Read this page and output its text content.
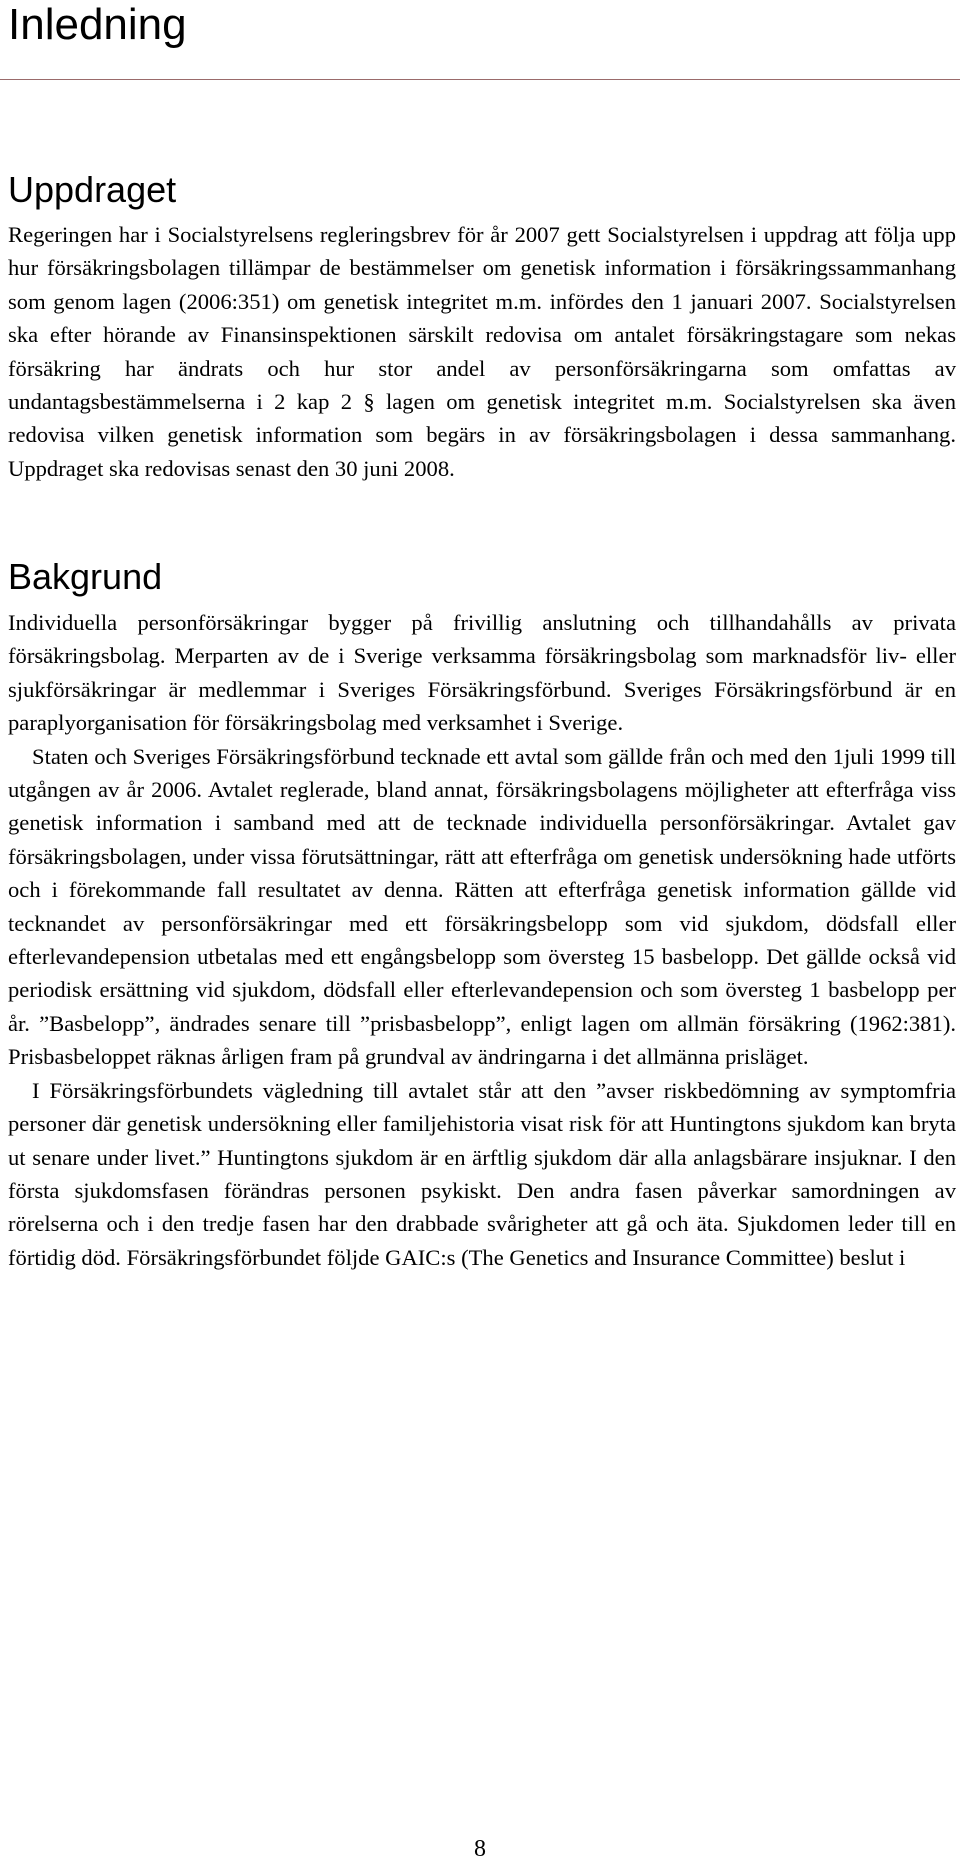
Inledning
Uppdraget

Regeringen har i Socialstyrelsens regleringsbrev för år 2007 gett Socialstyrelsen i uppdrag att följa upp hur försäkringsbolagen tillämpar de bestämmelser om genetisk information i försäkringssammanhang som genom lagen (2006:351) om genetisk integritet m.m. infördes den 1 januari 2007. Socialstyrelsen ska efter hörande av Finansinspektionen särskilt redovisa om antalet försäkringstagare som nekas försäkring har ändrats och hur stor andel av personförsäkringarna som omfattas av undantagsbestämmelserna i 2 kap 2 § lagen om genetisk integritet m.m. Socialstyrelsen ska även redovisa vilken genetisk information som begärs in av försäkringsbolagen i dessa sammanhang. Uppdraget ska redovisas senast den 30 juni 2008.

Bakgrund

Individuella personförsäkringar bygger på frivillig anslutning och tillhandahålls av privata försäkringsbolag. Merparten av de i Sverige verksamma försäkringsbolag som marknadsför liv- eller sjukförsäkringar är medlemmar i Sveriges Försäkringsförbund. Sveriges Försäkringsförbund är en paraplyorganisation för försäkringsbolag med verksamhet i Sverige.

Staten och Sveriges Försäkringsförbund tecknade ett avtal som gällde från och med den 1juli 1999 till utgången av år 2006. Avtalet reglerade, bland annat, försäkringsbolagens möjligheter att efterfråga viss genetisk information i samband med att de tecknade individuella personförsäkringar. Avtalet gav försäkringsbolagen, under vissa förutsättningar, rätt att efterfråga om genetisk undersökning hade utförts och i förekommande fall resultatet av denna. Rätten att efterfråga genetisk information gällde vid tecknandet av personförsäkringar med ett försäkringsbelopp som vid sjukdom, dödsfall eller efterlevandepension utbetalas med ett engångsbelopp som översteg 15 basbelopp. Det gällde också vid periodisk ersättning vid sjukdom, dödsfall eller efterlevandepension och som översteg 1 basbelopp per år. ”Basbelopp”, ändrades senare till ”prisbasbelopp”, enligt lagen om allmän försäkring (1962:381). Prisbasbeloppet räknas årligen fram på grundval av ändringarna i det allmänna prisläget.

I Försäkringsförbundets vägledning till avtalet står att den ”avser riskbedömning av symptomfria personer där genetisk undersökning eller familjehistoria visat risk för att Huntingtons sjukdom kan bryta ut senare under livet.” Huntingtons sjukdom är en ärftlig sjukdom där alla anlagsbärare insjuknar. I den första sjukdomsfasen förändras personen psykiskt. Den andra fasen påverkar samordningen av rörelserna och i den tredje fasen har den drabbade svårigheter att gå och äta. Sjukdomen leder till en förtidig död. Försäkringsförbundet följde GAIC:s (The Genetics and Insurance Committee) beslut i

8
